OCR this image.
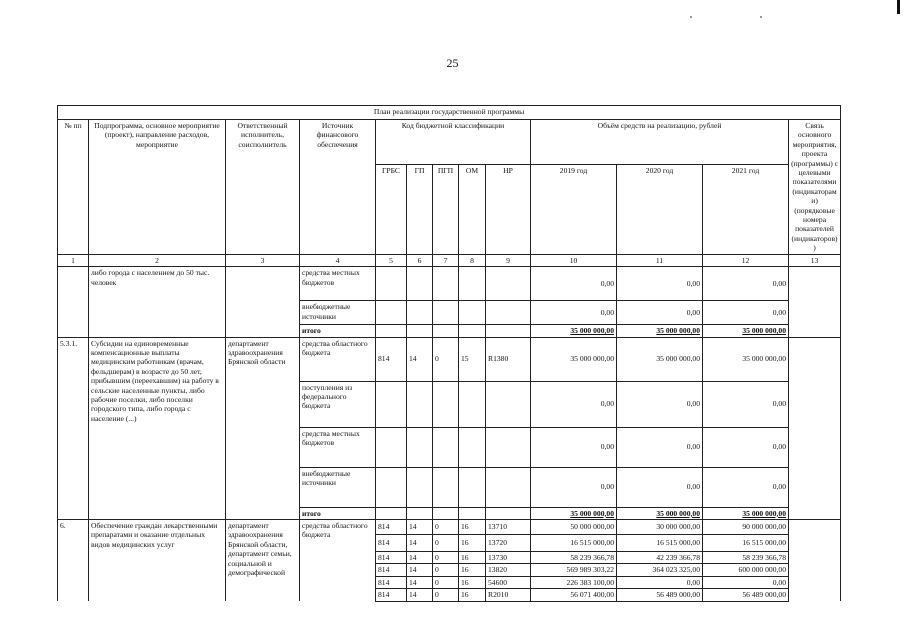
25
План реализации государственной программы												
№ пп	Подпрограмма, основное мероприятие (проект), направление расходов, мероприятие	Ответственный исполнитель, соисполнитель	Источник финансового обеспечения	Код бюджетной классификации					Объём средств на реализацию, рублей			Связь основного мероприятия, проекта (программы) с целевыми показателями (индикаторами) (порядковые номера показателей (индикаторов))
				ГРБС	ГП	ПГП	ОМ	НР	2019 год	2020 год	2021 год	
1	2	3	4	5	6	7	8	9	10	11	12	13
	либо города с населением до 50 тыс. человек		средства местных бюджетов						0,00	0,00	0,00	
			внебюджетные источники						0,00	0,00	0,00	
			итого						35 000 000,00	35 000 000,00	35 000 000,00	
5.3.1.	Субсидии на единовременные компенсационные выплаты медицинским работникам (врачам, фельдшерам) в возрасте до 50 лет, прибывшим (переехавшим) на работу в сельские населенные пункты, либо рабочие поселки, либо поселки городского типа, либо города с население (...)	департамент здравоохранения Брянской области	средства областного бюджета	814	14	0	15	R1380	35 000 000,00	35 000 000,00	35 000 000,00	
			поступления из федерального бюджета						0,00	0,00	0,00	
			средства местных бюджетов						0,00	0,00	0,00	
			внебюджетные источники						0,00	0,00	0,00	
			итого						35 000 000,00	35 000 000,00	35 000 000,00	
6.	Обеспечение граждан лекарственными препаратами и оказание отдельных видов медицинских услуг	департамент здравоохранения Брянской области, департамент семьи, социальной и демографической	средства областного бюджета	814	14	0	16	13710	50 000 000,00	30 000 000,00	90 000 000,00	
				814	14	0	16	13720	16 515 000,00	16 515 000,00	16 515 000,00	
				814	14	0	16	13730	58 239 366,78	42 239 366,78	58 239 366,78	
				814	14	0	16	13820	569 989 303,22	364 023 325,00	600 000 000,00	
				814	14	0	16	54600	226 383 100,00	0,00	0,00	
				814	14	0	16	R2010	56 071 400,00	56 489 000,00	56 489 000,00	
